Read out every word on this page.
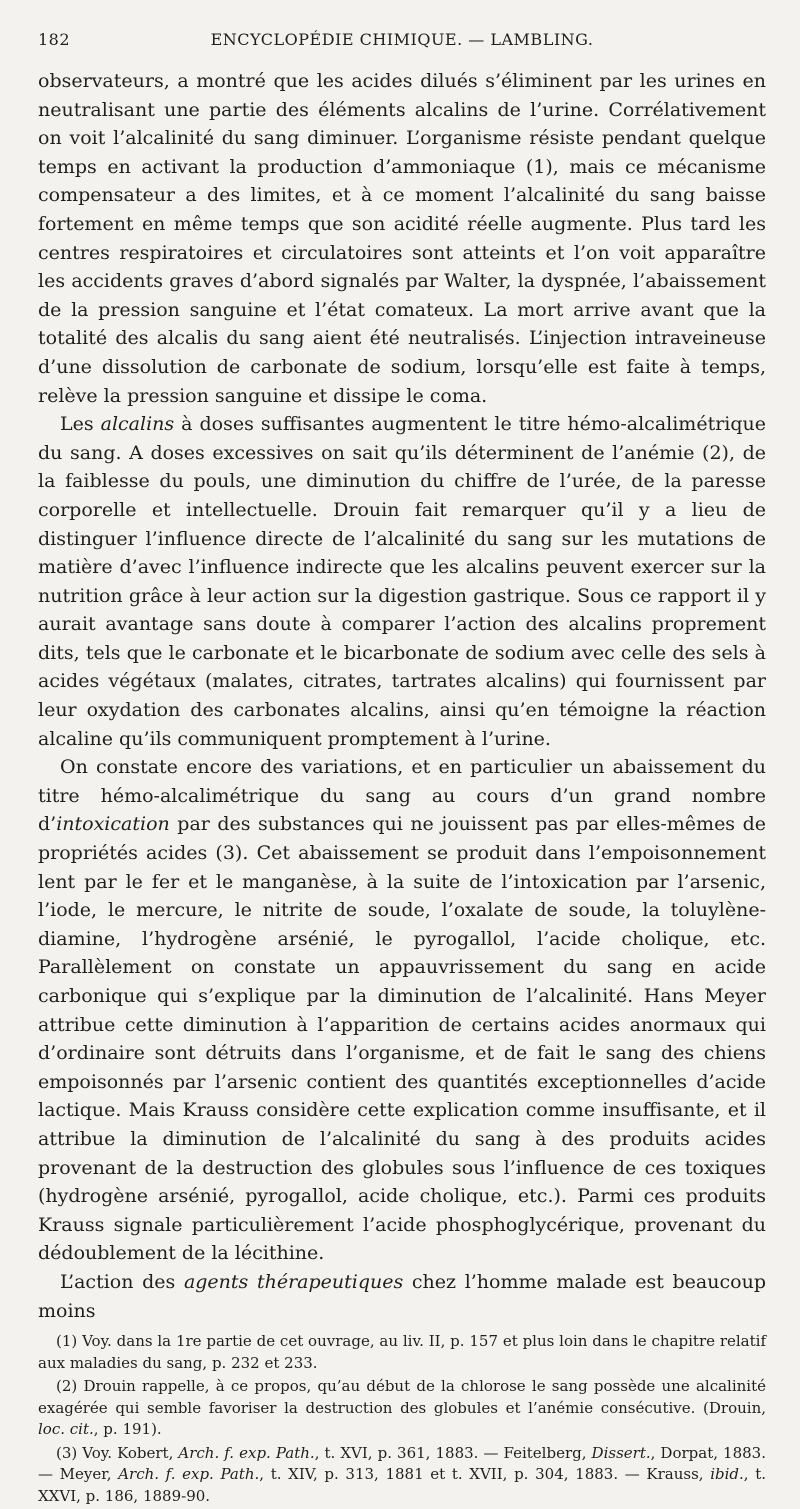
182	ENCYCLOPÉDIE CHIMIQUE. — LAMBLING.

observateurs, a montré que les acides dilués s’éliminent par les urines en neutralisant une partie des éléments alcalins de l’urine. Corrélativement on voit l’alcalinité du sang diminuer. L’organisme résiste pendant quelque temps en activant la production d’ammoniaque (1), mais ce mécanisme compensateur a des limites, et à ce moment l’alcalinité du sang baisse fortement en même temps que son acidité réelle augmente. Plus tard les centres respiratoires et circulatoires sont atteints et l’on voit apparaître les accidents graves d’abord signalés par Walter, la dyspnée, l’abaissement de la pression sanguine et l’état comateux. La mort arrive avant que la totalité des alcalis du sang aient été neutralisés. L’injection intraveineuse d’une dissolution de carbonate de sodium, lorsqu’elle est faite à temps, relève la pression sanguine et dissipe le coma.

Les alcalins à doses suffisantes augmentent le titre hémo-alcalimétrique du sang. A doses excessives on sait qu’ils déterminent de l’anémie (2), de la faiblesse du pouls, une diminution du chiffre de l’urée, de la paresse corporelle et intellectuelle. Drouin fait remarquer qu’il y a lieu de distinguer l’influence directe de l’alcalinité du sang sur les mutations de matière d’avec l’influence indirecte que les alcalins peuvent exercer sur la nutrition grâce à leur action sur la digestion gastrique. Sous ce rapport il y aurait avantage sans doute à comparer l’action des alcalins proprement dits, tels que le carbonate et le bicarbonate de sodium avec celle des sels à acides végétaux (malates, citrates, tartrates alcalins) qui fournissent par leur oxydation des carbonates alcalins, ainsi qu’en témoigne la réaction alcaline qu’ils communiquent promptement à l’urine.

On constate encore des variations, et en particulier un abaissement du titre hémo-alcalimétrique du sang au cours d’un grand nombre d’intoxication par des substances qui ne jouissent pas par elles-mêmes de propriétés acides (3). Cet abaissement se produit dans l’empoisonnement lent par le fer et le manganèse, à la suite de l’intoxication par l’arsenic, l’iode, le mercure, le nitrite de soude, l’oxalate de soude, la toluylène-diamine, l’hydrogène arsénié, le pyrogallol, l’acide cholique, etc. Parallèlement on constate un appauvrissement du sang en acide carbonique qui s’explique par la diminution de l’alcalinité. Hans Meyer attribue cette diminution à l’apparition de certains acides anormaux qui d’ordinaire sont détruits dans l’organisme, et de fait le sang des chiens empoisonnés par l’arsenic contient des quantités exceptionnelles d’acide lactique. Mais Krauss considère cette explication comme insuffisante, et il attribue la diminution de l’alcalinité du sang à des produits acides provenant de la destruction des globules sous l’influence de ces toxiques (hydrogène arsénié, pyrogallol, acide cholique, etc.). Parmi ces produits Krauss signale particulièrement l’acide phosphoglycérique, provenant du dédoublement de la lécithine.

L’action des agents thérapeutiques chez l’homme malade est beaucoup moins

(1) Voy. dans la 1re partie de cet ouvrage, au liv. II, p. 157 et plus loin dans le chapitre relatif aux maladies du sang, p. 232 et 233.

(2) Drouin rappelle, à ce propos, qu’au début de la chlorose le sang possède une alcalinité exagérée qui semble favoriser la destruction des globules et l’anémie consécutive. (Drouin, loc. cit., p. 191).

(3) Voy. Kobert, Arch. f. exp. Path., t. XVI, p. 361, 1883. — Feitelberg, Dissert., Dorpat, 1883. — Meyer, Arch. f. exp. Path., t. XIV, p. 313, 1881 et t. XVII, p. 304, 1883. — Krauss, ibid., t. XXVI, p. 186, 1889-90.
